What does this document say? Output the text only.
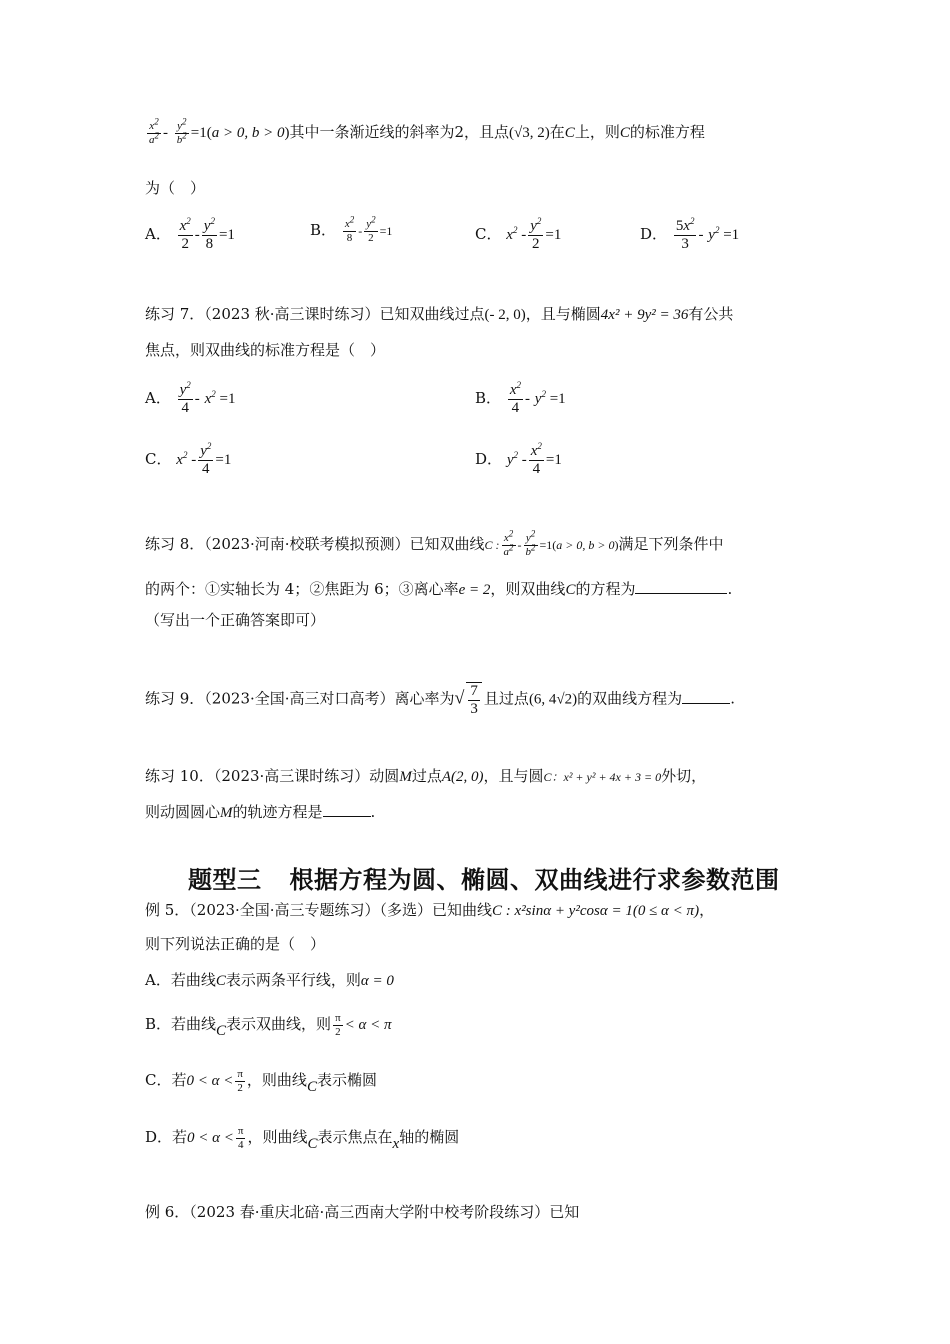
$\frac{x^2}{a^2} - \frac{y^2}{b^2} =1(a > 0$, b > 0)其中一条渐近线的斜率为2，且点(√3, 2)在C上，则C的标准方程
为（　）
A． $\frac{x^2}{2} - \frac{y^2}{8} =1$	B． $\frac{x^2}{8} - \frac{y^2}{2} =1$	C． $x^2 - \frac{y^2}{2} =1$	D． $\frac{5x^2}{3} - y^2 =1$
练习 7．（2023 秋·高三课时练习）已知双曲线过点(- 2, 0)，且与椭圆4x² + 9y² = 36有公共
焦点，则双曲线的标准方程是（　）
A． $\frac{y^2}{4} - x^2 =1$	B． $\frac{x^2}{4} - y^2 =1$
C． $x^2 - \frac{y^2}{4} =1$	D． $y^2 - \frac{x^2}{4} =1$
练习 8．（2023·河南·校联考模拟预测）已知双曲线C : $\frac{x^2}{a^2} - \frac{y^2}{b^2} =1(a > 0$, b > 0)满足下列条件中
的两个：①实轴长为 4；②焦距为 6；③离心率e = 2，则双曲线C的方程为	.
（写出一个正确答案即可）
练习 9．（2023·全国·高三对口高考）离心率为√ $\frac{7}{3}$ 且过点(6, 4√2)的双曲线方程为	.
练习 10．（2023·高三课时练习）动圆M过点A(2, 0)，且与圆C：x² + y² + 4x + 3 = 0外切，
则动圆圆心M的轨迹方程是	.
题型三 根据方程为圆、椭圆、双曲线进行求参数范围
例 5．（2023·全国·高三专题练习）（多选）已知曲线C : x²sinα + y²cosα = 1(0 ≤ α < π)，
则下列说法正确的是（　）
A．若曲线C表示两条平行线，则α = 0
B．若曲线C表示双曲线，则 $\frac{\pi}{2} < \alpha < \pi$
C．若$0 < \alpha < \frac{\pi}{2}$ ，则曲线C表示椭圆
D．若$0 < \alpha < \frac{\pi}{4}$ ，则曲线C表示焦点在x轴的椭圆
例 6．（2023 春·重庆北碚·高三西南大学附中校考阶段练习）已知
